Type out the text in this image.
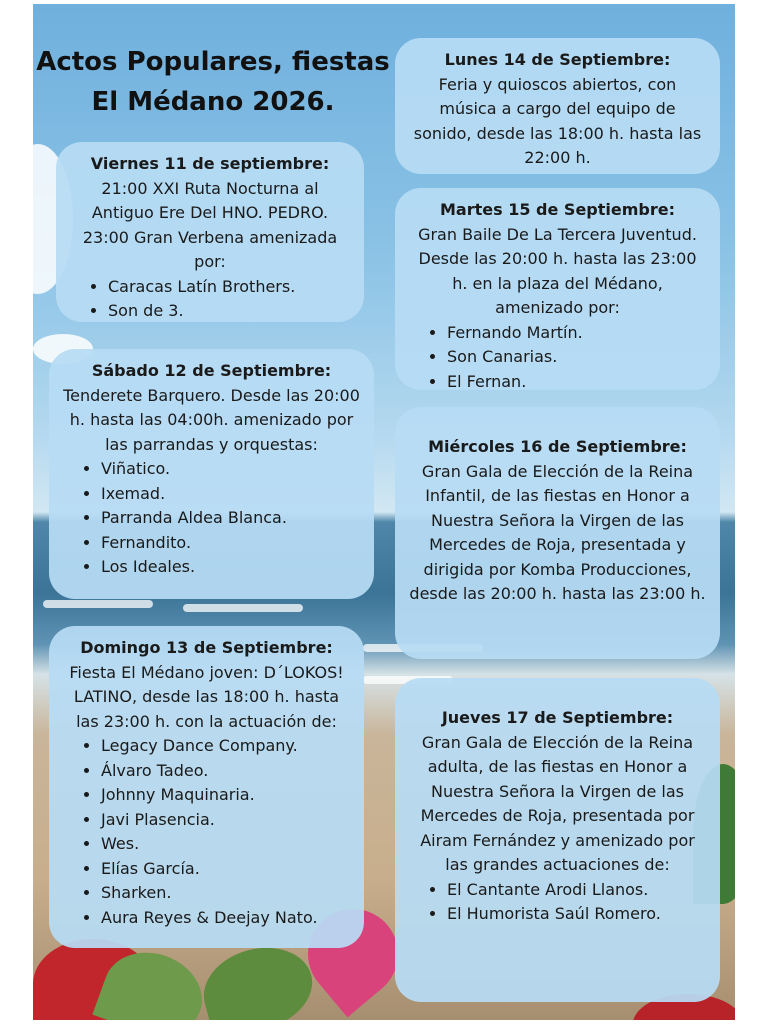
Actos Populares, fiestas
El Médano 2026.
Viernes 11 de septiembre:

21:00 XXI Ruta Nocturna al Antiguo Ere Del HNO. PEDRO.

23:00 Gran Verbena amenizada por:

• Caracas Latín Brothers.
• Son de 3.
Sábado 12 de Septiembre:

Tenderete Barquero. Desde las 20:00 h. hasta las 04:00h. amenizado por las parrandas y orquestas:

• Viñatico.
• Ixemad.
• Parranda Aldea Blanca.
• Fernandito.
• Los Ideales.
Domingo 13 de Septiembre:

Fiesta El Médano joven: D´LOKOS! LATINO, desde las 18:00 h. hasta las 23:00 h. con la actuación de:

• Legacy Dance Company.
• Álvaro Tadeo.
• Johnny Maquinaria.
• Javi Plasencia.
• Wes.
• Elías García.
• Sharken.
• Aura Reyes & Deejay Nato.
Lunes 14 de Septiembre:

Feria y quioscos abiertos, con música a cargo del equipo de sonido, desde las 18:00 h. hasta las 22:00 h.

Martes 15 de Septiembre:

Gran Baile De La Tercera Juventud. Desde las 20:00 h. hasta las 23:00 h. en la plaza del Médano, amenizado por:

• Fernando Martín.
• Son Canarias.
• El Fernan.
Miércoles 16 de Septiembre:

Gran Gala de Elección de la Reina Infantil, de las fiestas en Honor a Nuestra Señora la Virgen de las Mercedes de Roja, presentada y dirigida por Komba Producciones, desde las 20:00 h. hasta las 23:00 h.

Jueves 17 de Septiembre:

Gran Gala de Elección de la Reina adulta, de las fiestas en Honor a Nuestra Señora la Virgen de las Mercedes de Roja, presentada por Airam Fernández y amenizado por las grandes actuaciones de:

• El Cantante Arodi Llanos.
• El Humorista Saúl Romero.
